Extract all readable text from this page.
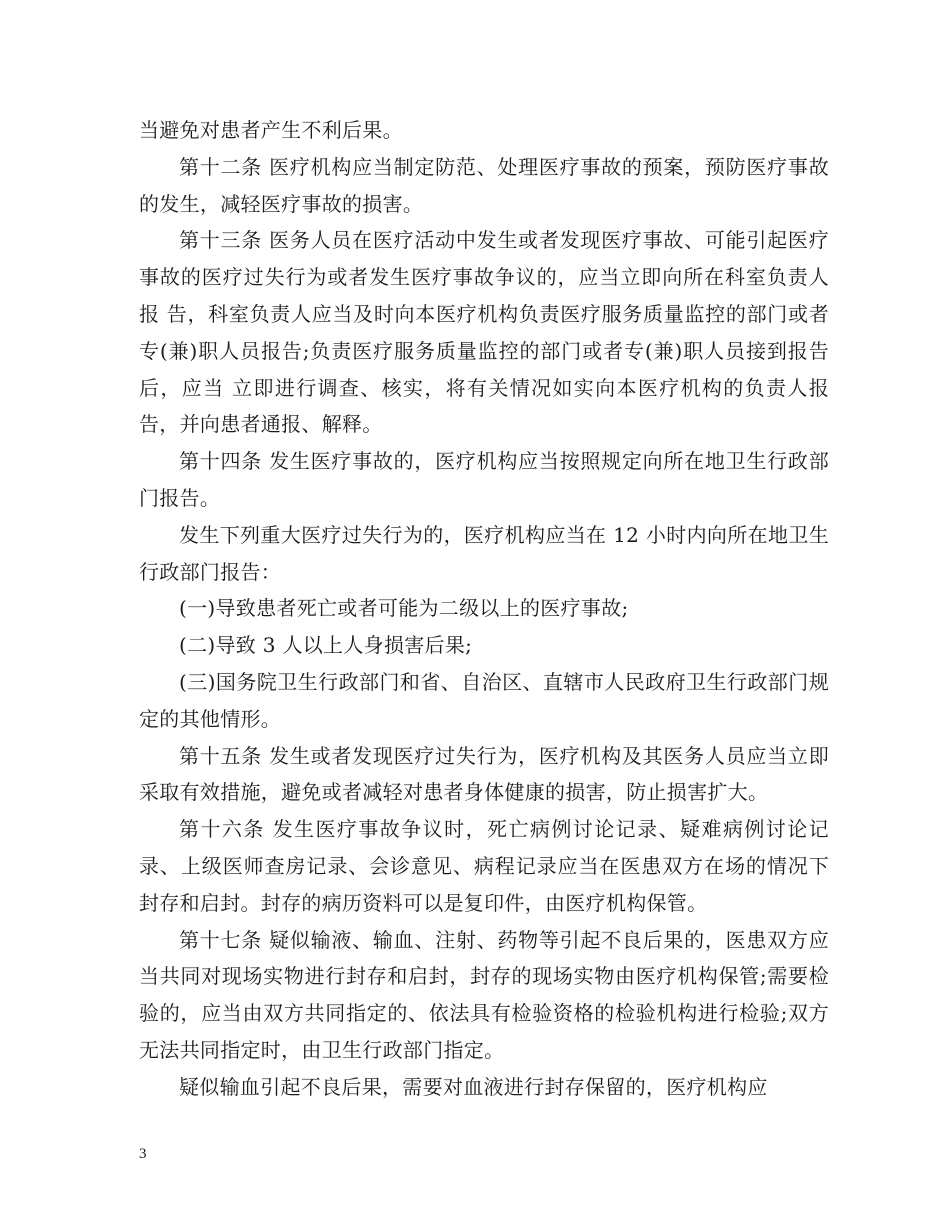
当避免对患者产生不利后果。

第十二条 医疗机构应当制定防范、处理医疗事故的预案，预防医疗事故的发生，减轻医疗事故的损害。

第十三条 医务人员在医疗活动中发生或者发现医疗事故、可能引起医疗事故的医疗过失行为或者发生医疗事故争议的，应当立即向所在科室负责人报 告，科室负责人应当及时向本医疗机构负责医疗服务质量监控的部门或者专(兼)职人员报告;负责医疗服务质量监控的部门或者专(兼)职人员接到报告后，应当 立即进行调查、核实，将有关情况如实向本医疗机构的负责人报告，并向患者通报、解释。

第十四条 发生医疗事故的，医疗机构应当按照规定向所在地卫生行政部门报告。

发生下列重大医疗过失行为的，医疗机构应当在 12 小时内向所在地卫生行政部门报告：

(一)导致患者死亡或者可能为二级以上的医疗事故;

(二)导致 3 人以上人身损害后果;

(三)国务院卫生行政部门和省、自治区、直辖市人民政府卫生行政部门规定的其他情形。

第十五条 发生或者发现医疗过失行为，医疗机构及其医务人员应当立即采取有效措施，避免或者减轻对患者身体健康的损害，防止损害扩大。

第十六条 发生医疗事故争议时，死亡病例讨论记录、疑难病例讨论记录、上级医师查房记录、会诊意见、病程记录应当在医患双方在场的情况下封存和启封。封存的病历资料可以是复印件，由医疗机构保管。

第十七条 疑似输液、输血、注射、药物等引起不良后果的，医患双方应当共同对现场实物进行封存和启封，封存的现场实物由医疗机构保管;需要检验的，应当由双方共同指定的、依法具有检验资格的检验机构进行检验;双方无法共同指定时，由卫生行政部门指定。

疑似输血引起不良后果，需要对血液进行封存保留的，医疗机构应

3
